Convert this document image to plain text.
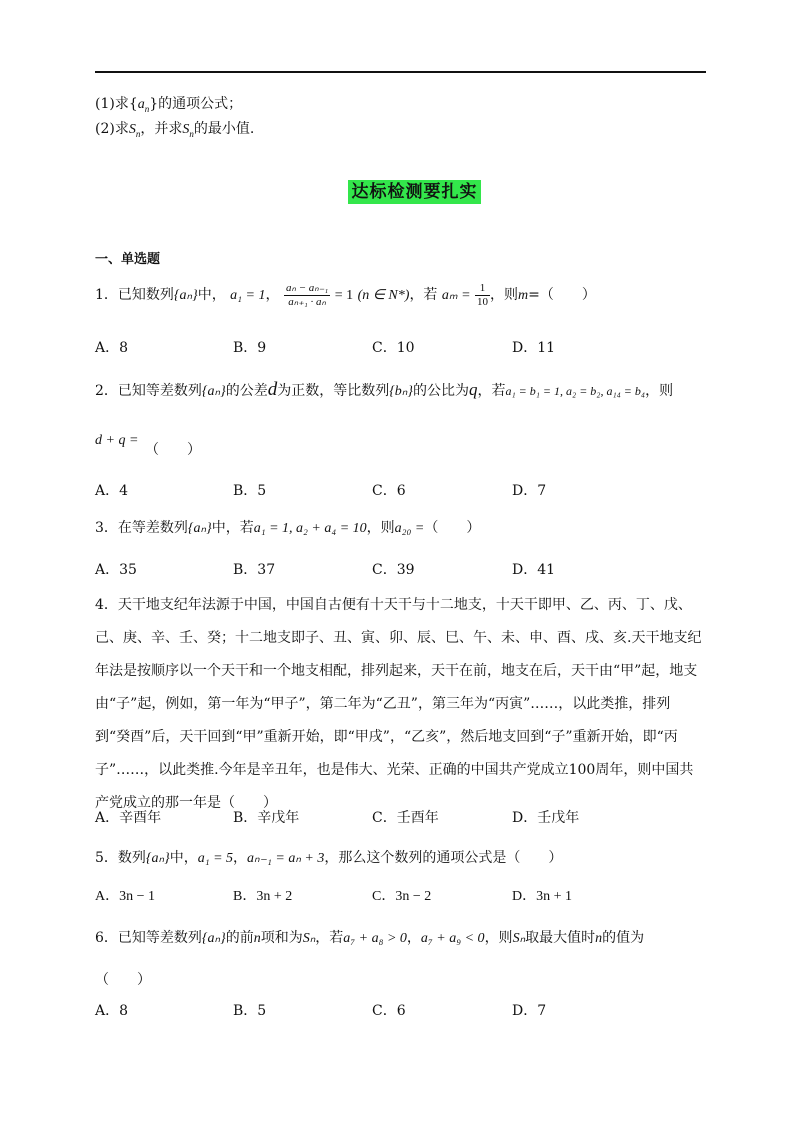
(1)求$\{a_n\}$的通项公式；
(2)求$S_n$，并求$S_n$的最小值.
达标检测要扎实
一、单选题
1．已知数列{aₙ}中， a₁ = 1， $\frac{\text{aₙ − aₙ₋₁}}{\text{aₙ₊₁ · aₙ}} = 1$ (n ∈ N*)，若 $a_m = \frac{1}{10}$ ，则m=（　　）
A．8	B．9	C．10	D．11
2．已知等差数列{aₙ}的公差d为正数，等比数列{bₙ}的公比为q，若a₁ = b₁ = 1, a₂ = b₂, a₁₄ = b₄，则
d + q =
（　　）
A．4	B．5	C．6	D．7
3．在等差数列{aₙ}中，若a₁ = 1, a₂ + a₄ = 10，则a₂₀ =（　　）
A．35	B．37	C．39	D．41
4．天干地支纪年法源于中国，中国自古便有十天干与十二地支，十天干即甲、乙、丙、丁、戊、己、庚、辛、壬、癸；十二地支即子、丑、寅、卯、辰、巳、午、未、申、酉、戌、亥.天干地支纪年法是按顺序以一个天干和一个地支相配，排列起来，天干在前，地支在后，天干由“甲”起，地支由“子”起，例如，第一年为“甲子”，第二年为“乙丑”，第三年为“丙寅”……，以此类推，排列到“癸酉”后，天干回到“甲”重新开始，即“甲戌”，“乙亥”，然后地支回到“子”重新开始，即“丙子”……，以此类推.今年是辛丑年，也是伟大、光荣、正确的中国共产党成立100周年，则中国共产党成立的那一年是（　　）
A．辛酉年	B．辛戊年	C．壬酉年	D．壬戊年
5．数列{aₙ}中，a₁ = 5，aₙ₋₁ = aₙ + 3，那么这个数列的通项公式是（　　）
A．3n − 1	B．3n + 2	C．3n − 2	D．3n + 1
6．已知等差数列{aₙ}的前n项和为Sₙ，若a₇ + a₈ > 0，a₇ + a₉ < 0，则Sₙ取最大值时n的值为
（　　）
A．8	B．5	C．6	D．7
